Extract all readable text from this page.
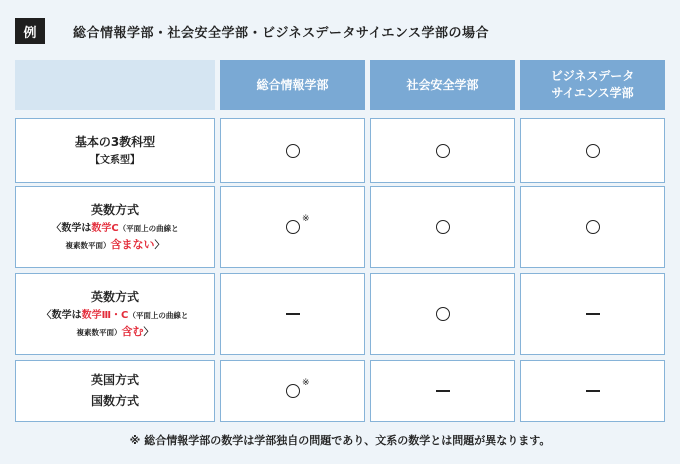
例	総合情報学部・社会安全学部・ビジネスデータサイエンス学部の場合
総合情報学部	社会安全学部
ビジネスデータ
サイエンス学部
基本の3教科型
【文系型】
英数方式
〈数学は数学C（平面上の曲線と
複素数平面）含まない〉
※
英数方式
〈数学は数学Ⅲ・C（平面上の曲線と
複素数平面）含む〉
英国方式
国数方式
※
※ 総合情報学部の数学は学部独自の問題であり、文系の数学とは問題が異なります。
